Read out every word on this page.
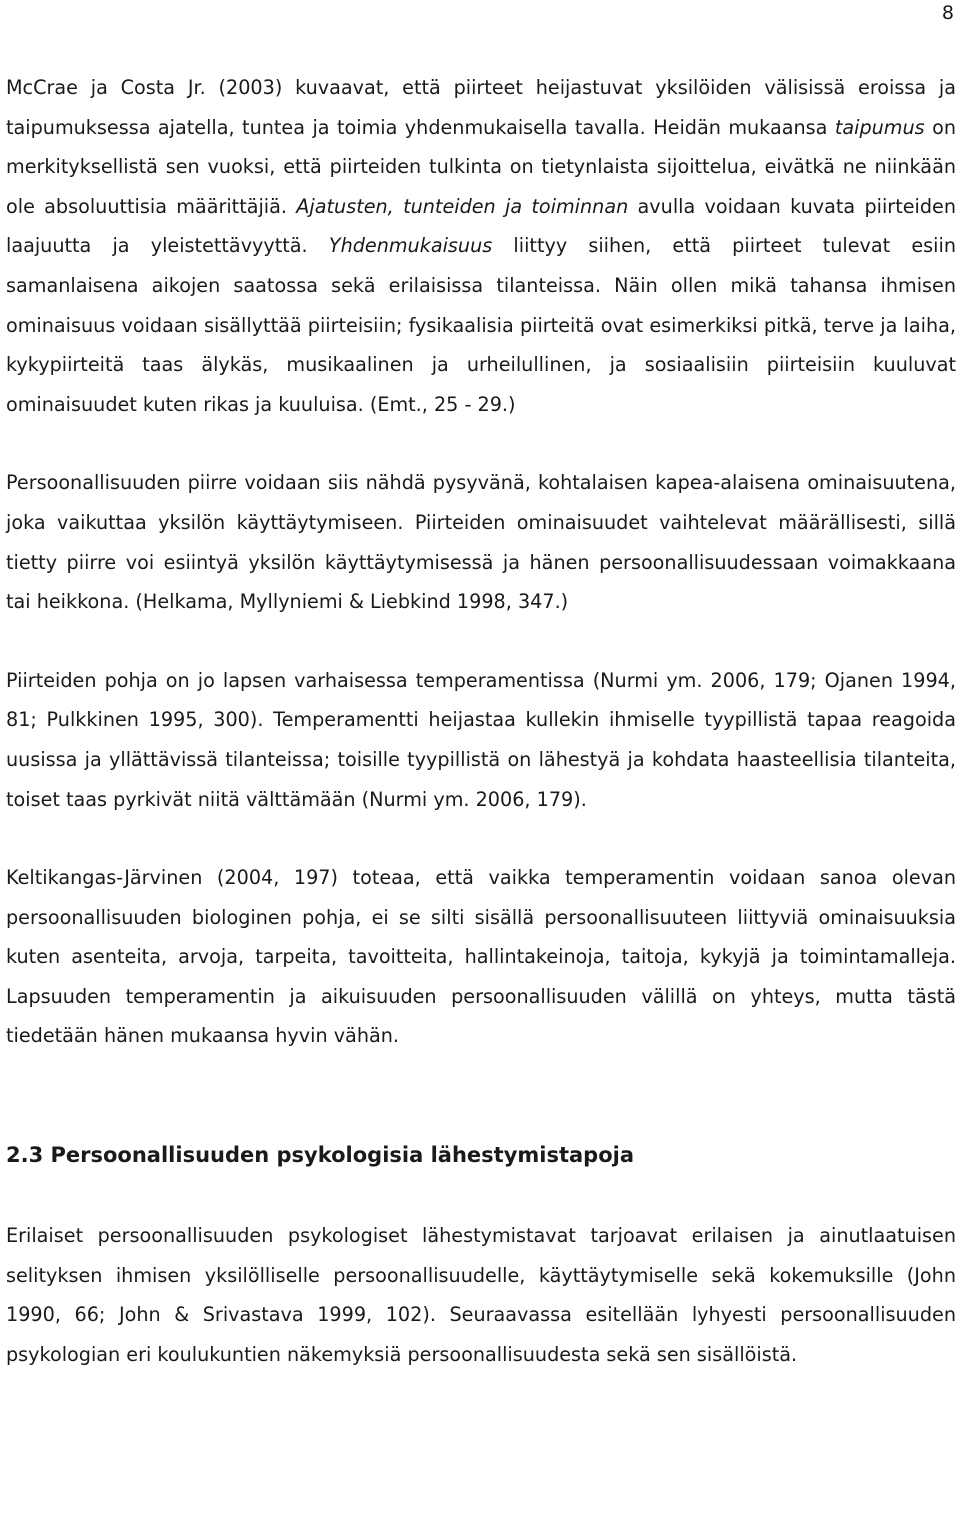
8

McCrae ja Costa Jr. (2003) kuvaavat, että piirteet heijastuvat yksilöiden välisissä eroissa ja taipumuksessa ajatella, tuntea ja toimia yhdenmukaisella tavalla. Heidän mukaansa taipumus on merkityksellistä sen vuoksi, että piirteiden tulkinta on tietynlaista sijoittelua, eivätkä ne niinkään ole absoluuttisia määrittäjiä. Ajatusten, tunteiden ja toiminnan avulla voidaan kuvata piirteiden laajuutta ja yleistettävyyttä. Yhdenmukaisuus liittyy siihen, että piirteet tulevat esiin samanlaisena aikojen saatossa sekä erilaisissa tilanteissa. Näin ollen mikä tahansa ihmisen ominaisuus voidaan sisällyttää piirteisiin; fysikaalisia piirteitä ovat esimerkiksi pitkä, terve ja laiha, kykypiirteitä taas älykäs, musikaalinen ja urheilullinen, ja sosiaalisiin piirteisiin kuuluvat ominaisuudet kuten rikas ja kuuluisa. (Emt., 25 - 29.)

Persoonallisuuden piirre voidaan siis nähdä pysyvänä, kohtalaisen kapea-alaisena ominaisuutena, joka vaikuttaa yksilön käyttäytymiseen. Piirteiden ominaisuudet vaihtelevat määrällisesti, sillä tietty piirre voi esiintyä yksilön käyttäytymisessä ja hänen persoonallisuudessaan voimakkaana tai heikkona. (Helkama, Myllyniemi & Liebkind 1998, 347.)

Piirteiden pohja on jo lapsen varhaisessa temperamentissa (Nurmi ym. 2006, 179; Ojanen 1994, 81; Pulkkinen 1995, 300). Temperamentti heijastaa kullekin ihmiselle tyypillistä tapaa reagoida uusissa ja yllättävissä tilanteissa; toisille tyypillistä on lähestyä ja kohdata haasteellisia tilanteita, toiset taas pyrkivät niitä välttämään (Nurmi ym. 2006, 179).

Keltikangas-Järvinen (2004, 197) toteaa, että vaikka temperamentin voidaan sanoa olevan persoonallisuuden biologinen pohja, ei se silti sisällä persoonallisuuteen liittyviä ominaisuuksia kuten asenteita, arvoja, tarpeita, tavoitteita, hallintakeinoja, taitoja, kykyjä ja toimintamalleja. Lapsuuden temperamentin ja aikuisuuden persoonallisuuden välillä on yhteys, mutta tästä tiedetään hänen mukaansa hyvin vähän.

2.3 Persoonallisuuden psykologisia lähestymistapoja

Erilaiset persoonallisuuden psykologiset lähestymistavat tarjoavat erilaisen ja ainutlaatuisen selityksen ihmisen yksilölliselle persoonallisuudelle, käyttäytymiselle sekä kokemuksille (John 1990, 66; John & Srivastava 1999, 102). Seuraavassa esitellään lyhyesti persoonallisuuden psykologian eri koulukuntien näkemyksiä persoonallisuudesta sekä sen sisällöistä.
